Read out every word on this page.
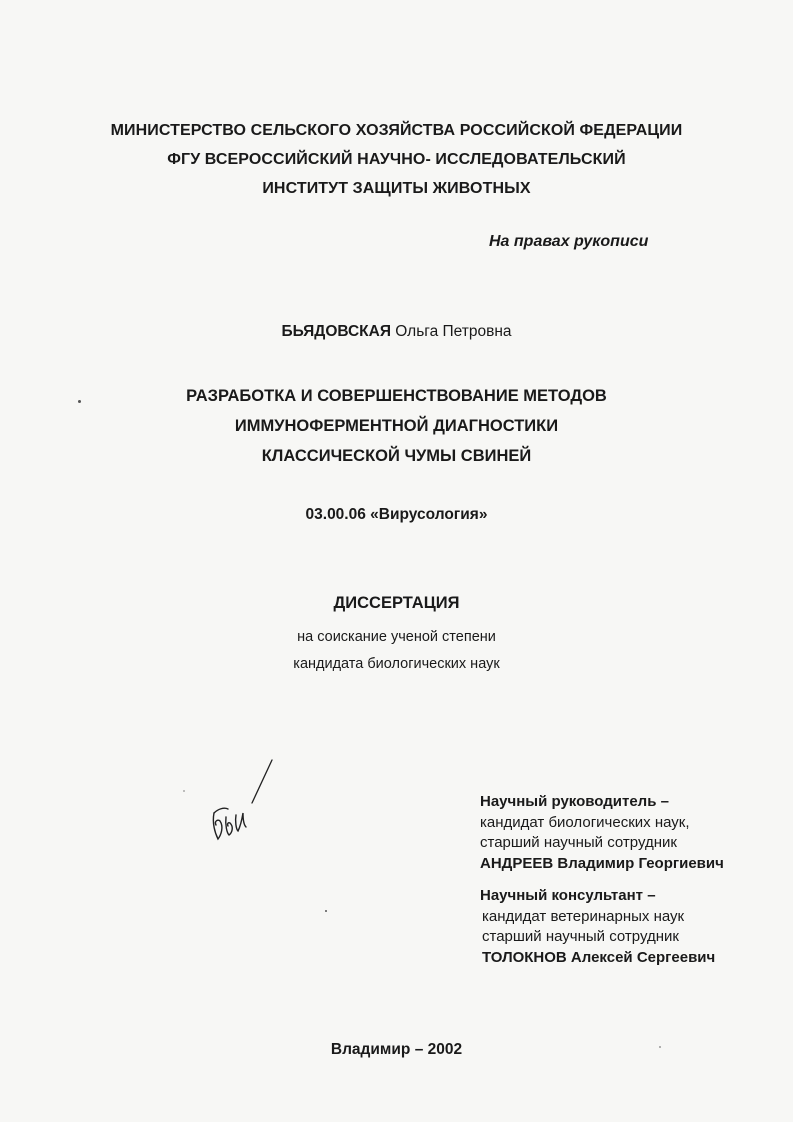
МИНИСТЕРСТВО СЕЛЬСКОГО ХОЗЯЙСТВА РОССИЙСКОЙ ФЕДЕРАЦИИ
ФГУ ВСЕРОССИЙСКИЙ НАУЧНО- ИССЛЕДОВАТЕЛЬСКИЙ
ИНСТИТУТ ЗАЩИТЫ ЖИВОТНЫХ
На правах рукописи
БЬЯДОВСКАЯ Ольга Петровна
РАЗРАБОТКА И СОВЕРШЕНСТВОВАНИЕ МЕТОДОВ
ИММУНОФЕРМЕНТНОЙ ДИАГНОСТИКИ
КЛАССИЧЕСКОЙ ЧУМЫ СВИНЕЙ
03.00.06 «Вирусология»
ДИССЕРТАЦИЯ
на соискание ученой степени
кандидата биологических наук
Научный руководитель –
кандидат биологических наук,
старший научный сотрудник
АНДРЕЕВ Владимир Георгиевич
Научный консультант –
кандидат ветеринарных наук
старший научный сотрудник
ТОЛОКНОВ Алексей Сергеевич
Владимир – 2002
